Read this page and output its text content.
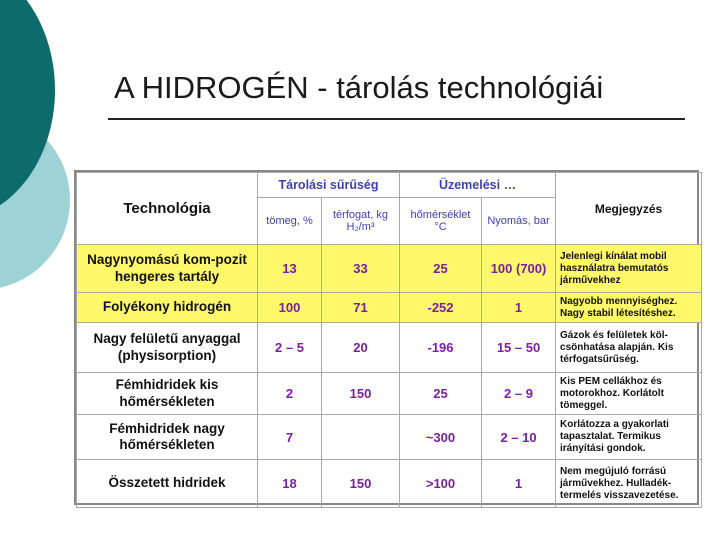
A HIDROGÉN - tárolás technológiái
Technológia	Tárolási sűrűség		Üzemelési …		Megjegyzés
	tömeg, %	térfogat, kg H₂/m³	hőmérséklet °C	Nyomás, bar	
Nagynyomású kom-pozit hengeres tartály	13	33	25	100 (700)	Jelenlegi kínálat mobil használatra bemutatós járművekhez
Folyékony hidrogén	100	71	-252	1	Nagyobb mennyiséghez. Nagy stabil létesítéshez.
Nagy felületű anyaggal (physisorption)	2 – 5	20	-196	15 – 50	Gázok és felületek köl-csönhatása alapján. Kis térfogatsűrűség.
Fémhidridek kis hőmérsékleten	2	150	25	2 – 9	Kis PEM cellákhoz és motorokhoz. Korlátolt tömeggel.
Fémhidridek nagy hőmérsékleten	7		~300	2 – 10	Korlátozza a gyakorlati tapasztalat. Termikus irányítási gondok.
Összetett hidridek	18	150	>100	1	Nem megújuló forrású járművekhez. Hulladék-termelés visszavezetése.
